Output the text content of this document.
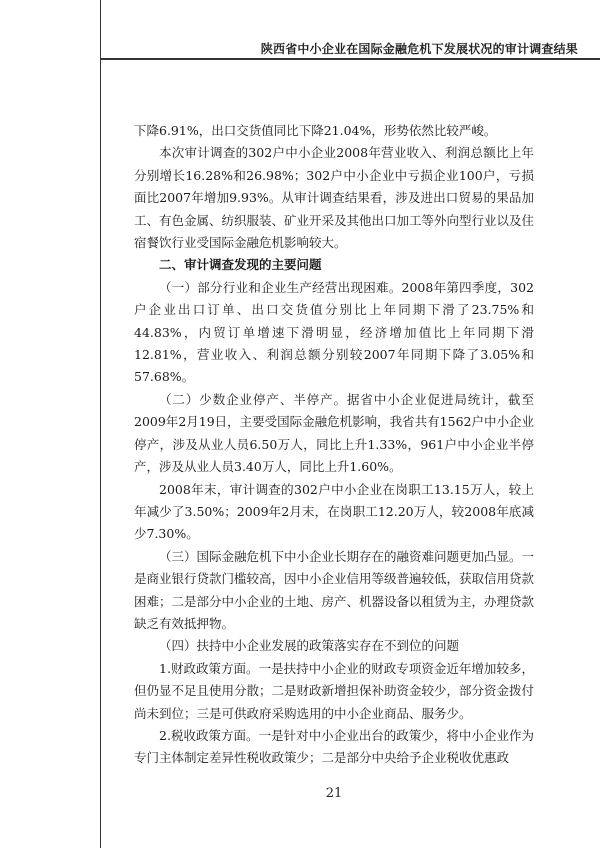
陕西省中小企业在国际金融危机下发展状况的审计调查结果

下降6.91%，出口交货值同比下降21.04%，形势依然比较严峻。

本次审计调查的302户中小企业2008年营业收入、利润总额比上年分别增长16.28%和26.98%；302户中小企业中亏损企业100户，亏损面比2007年增加9.93%。从审计调查结果看，涉及进出口贸易的果品加工、有色金属、纺织服装、矿业开采及其他出口加工等外向型行业以及住宿餐饮行业受国际金融危机影响较大。

二、审计调查发现的主要问题

（一）部分行业和企业生产经营出现困难。2008年第四季度，302户企业出口订单、出口交货值分别比上年同期下滑了23.75%和44.83%，内贸订单增速下滑明显，经济增加值比上年同期下滑12.81%，营业收入、利润总额分别较2007年同期下降了3.05%和57.68%。

（二）少数企业停产、半停产。据省中小企业促进局统计，截至2009年2月19日，主要受国际金融危机影响，我省共有1562户中小企业停产，涉及从业人员6.50万人，同比上升1.33%，961户中小企业半停产，涉及从业人员3.40万人，同比上升1.60%。

2008年末，审计调查的302户中小企业在岗职工13.15万人，较上年减少了3.50%；2009年2月末，在岗职工12.20万人，较2008年底减少7.30%。

（三）国际金融危机下中小企业长期存在的融资难问题更加凸显。一是商业银行贷款门槛较高，因中小企业信用等级普遍较低，获取信用贷款困难；二是部分中小企业的土地、房产、机器设备以租赁为主，办理贷款缺乏有效抵押物。

（四）扶持中小企业发展的政策落实存在不到位的问题

1.财政政策方面。一是扶持中小企业的财政专项资金近年增加较多，但仍显不足且使用分散；二是财政新增担保补助资金较少，部分资金拨付尚未到位；三是可供政府采购选用的中小企业商品、服务少。

2.税收政策方面。一是针对中小企业出台的政策少，将中小企业作为专门主体制定差异性税收政策少；二是部分中央给予企业税收优惠政

21
